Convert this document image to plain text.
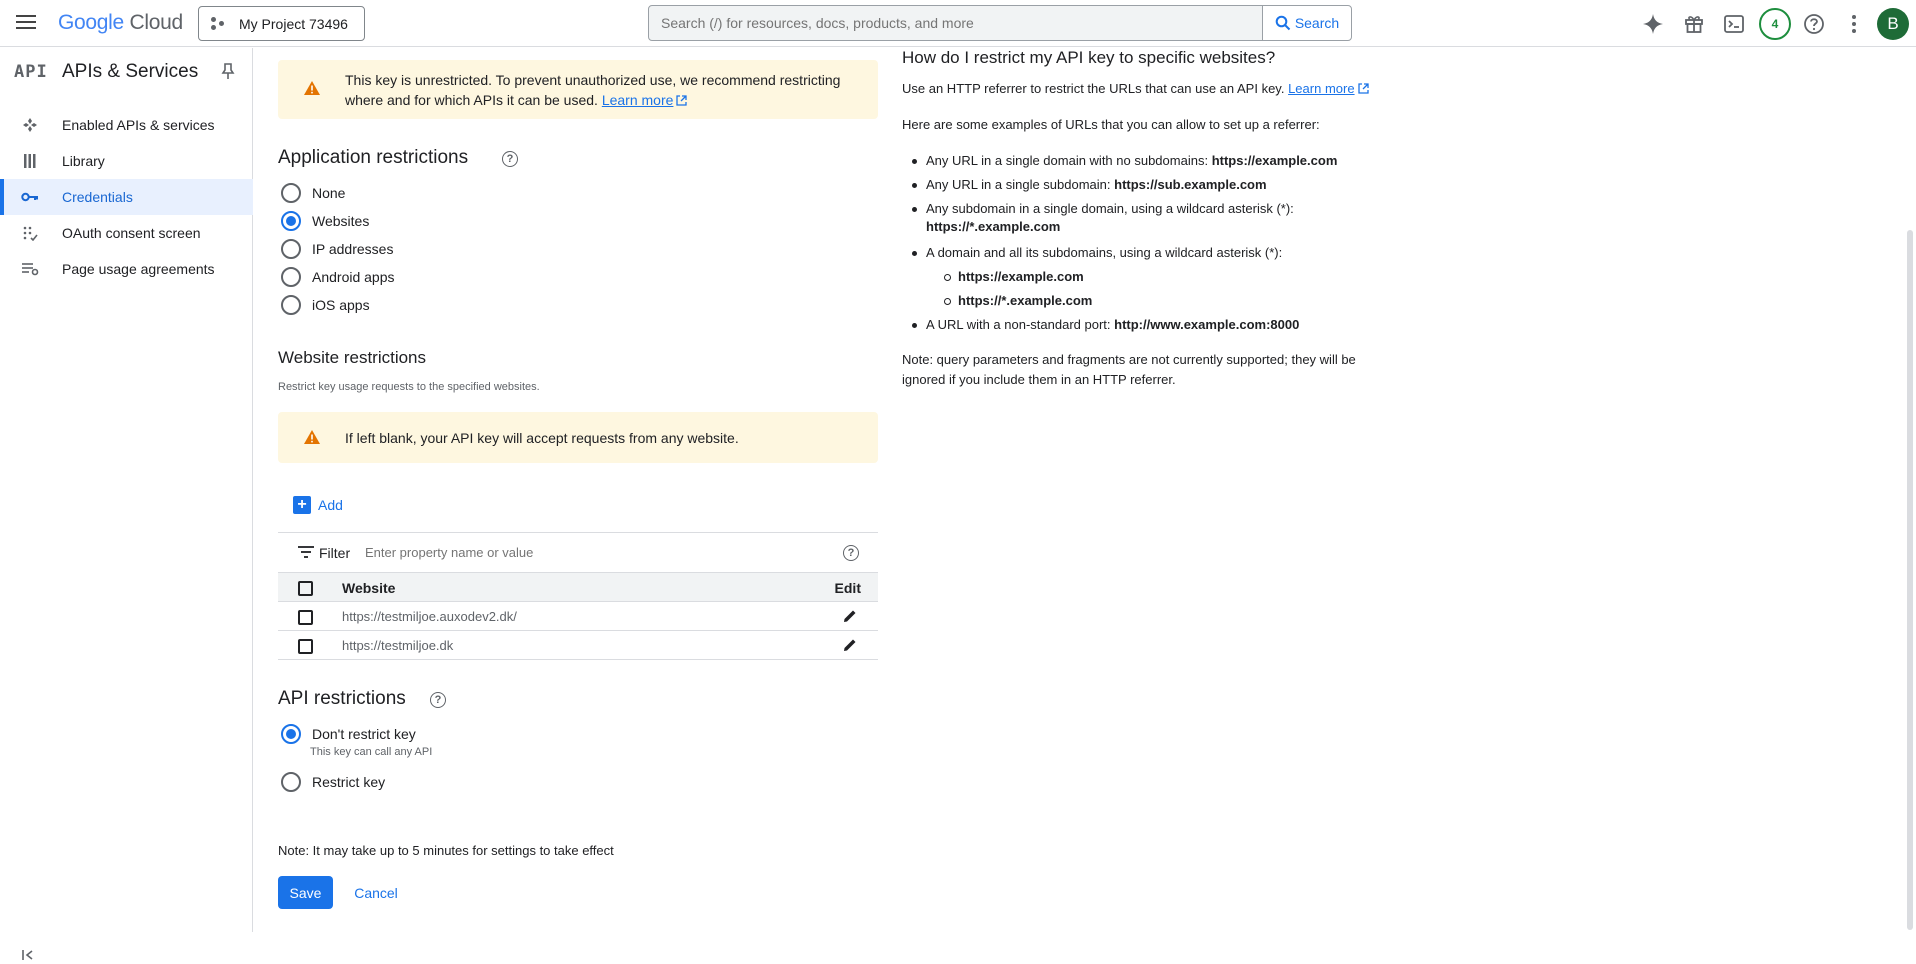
Google Cloud	My Project 73496
Search (/) for resources, docs, products, and more	Search	4	B
API APIs & Services
Enabled APIs & services
Library
Credentials
OAuth consent screen
Page usage agreements
This key is unrestricted. To prevent unauthorized use, we recommend restricting where and for which APIs it can be used. Learn more
Application restrictions	?
None
Websites
IP addresses
Android apps
iOS apps
Website restrictions
Restrict key usage requests to the specified websites.
If left blank, your API key will accept requests from any website.
+ Add
Filter
Enter property name or value	?
Website	Edit
https://testmiljoe.auxodev2.dk/
https://testmiljoe.dk
API restrictions	?
Don't restrict key
This key can call any API
Restrict key
Note: It may take up to 5 minutes for settings to take effect
Save	Cancel
How do I restrict my API key to specific websites?
Use an HTTP referrer to restrict the URLs that can use an API key. Learn more
Here are some examples of URLs that you can allow to set up a referrer:
Any URL in a single domain with no subdomains: https://example.com
Any URL in a single subdomain: https://sub.example.com
Any subdomain in a single domain, using a wildcard asterisk (*):
https://*.example.com
A domain and all its subdomains, using a wildcard asterisk (*):
https://example.com
https://*.example.com
A URL with a non-standard port: http://www.example.com:8000
Note: query parameters and fragments are not currently supported; they will be ignored if you include them in an HTTP referrer.
